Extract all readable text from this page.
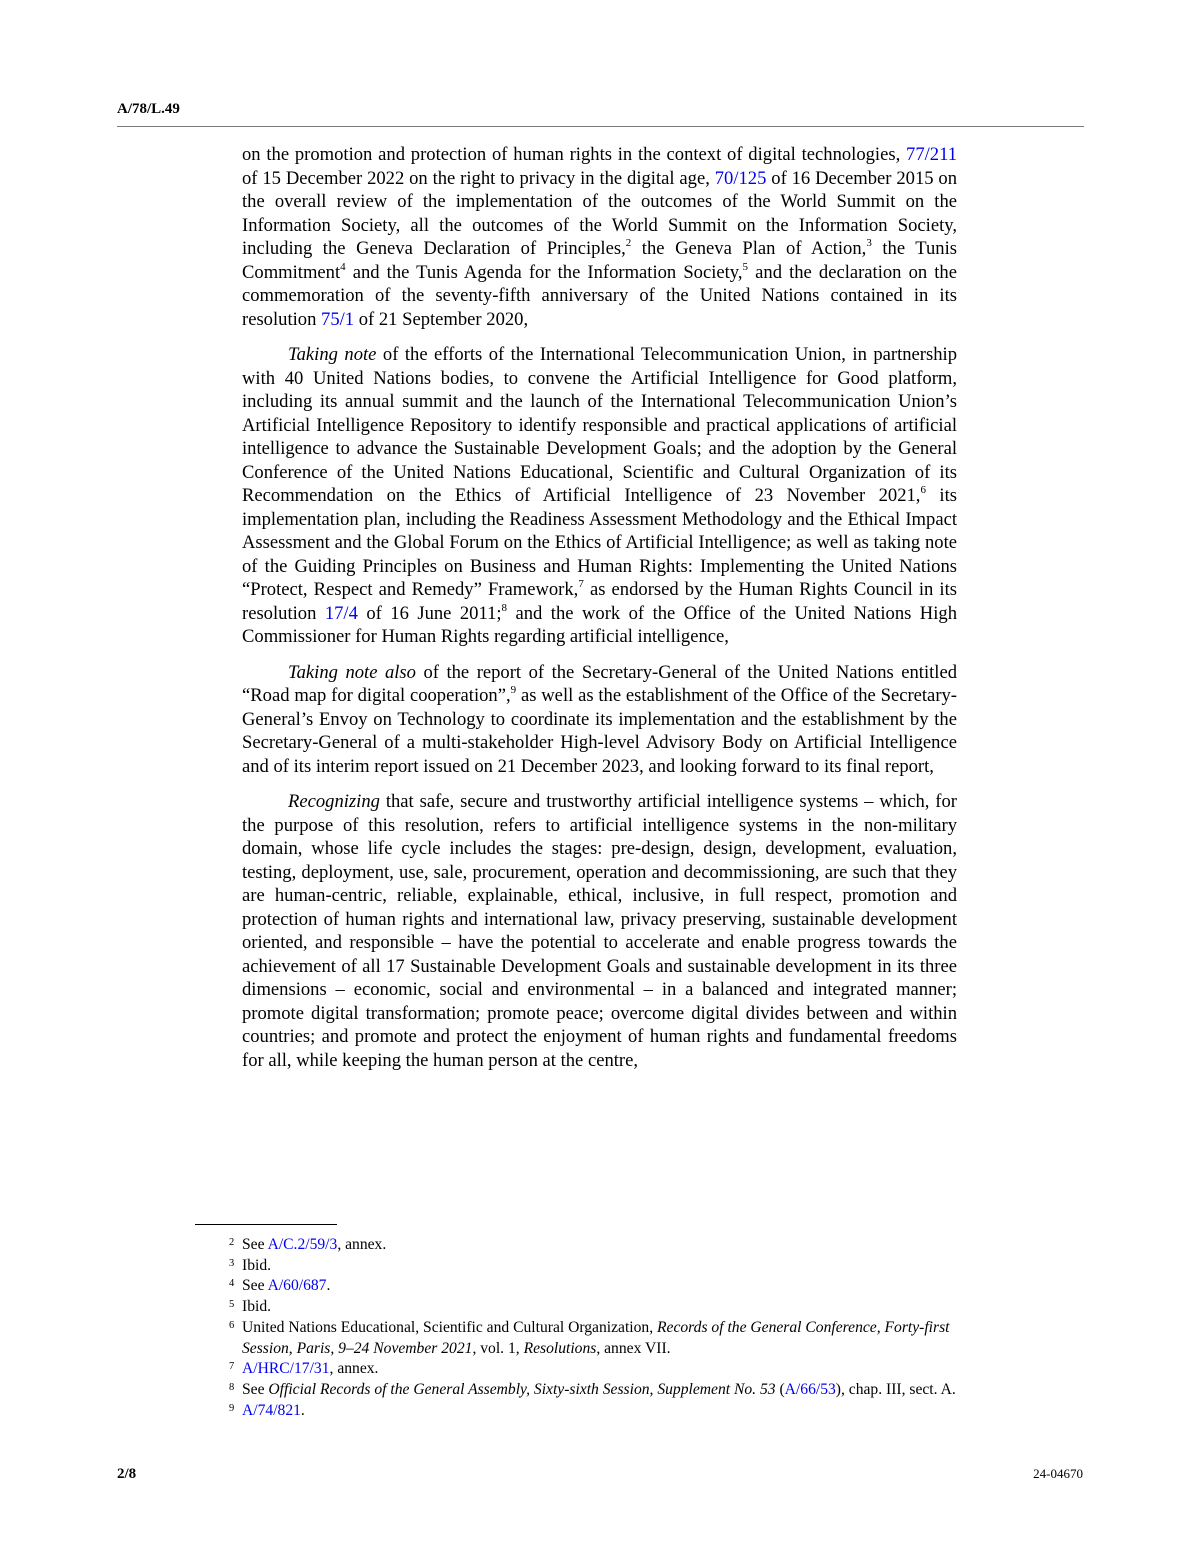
A/78/L.49

on the promotion and protection of human rights in the context of digital technologies, 77/211 of 15 December 2022 on the right to privacy in the digital age, 70/125 of 16 December 2015 on the overall review of the implementation of the outcomes of the World Summit on the Information Society, all the outcomes of the World Summit on the Information Society, including the Geneva Declaration of Principles,$^2$ the Geneva Plan of Action,$^3$ the Tunis Commitment$^4$ and the Tunis Agenda for the Information Society,$^5$ and the declaration on the commemoration of the seventy-fifth anniversary of the United Nations contained in its resolution 75/1 of 21 September 2020,

Taking note of the efforts of the International Telecommunication Union, in partnership with 40 United Nations bodies, to convene the Artificial Intelligence for Good platform, including its annual summit and the launch of the International Telecommunication Union’s Artificial Intelligence Repository to identify responsible and practical applications of artificial intelligence to advance the Sustainable Development Goals; and the adoption by the General Conference of the United Nations Educational, Scientific and Cultural Organization of its Recommendation on the Ethics of Artificial Intelligence of 23 November 2021,$^6$ its implementation plan, including the Readiness Assessment Methodology and the Ethical Impact Assessment and the Global Forum on the Ethics of Artificial Intelligence; as well as taking note of the Guiding Principles on Business and Human Rights: Implementing the United Nations “Protect, Respect and Remedy” Framework,$^7$ as endorsed by the Human Rights Council in its resolution 17/4 of 16 June 2011;$^8$ and the work of the Office of the United Nations High Commissioner for Human Rights regarding artificial intelligence,

Taking note also of the report of the Secretary-General of the United Nations entitled “Road map for digital cooperation”,$^9$ as well as the establishment of the Office of the Secretary-General’s Envoy on Technology to coordinate its implementation and the establishment by the Secretary-General of a multi-stakeholder High-level Advisory Body on Artificial Intelligence and of its interim report issued on 21 December 2023, and looking forward to its final report,

Recognizing that safe, secure and trustworthy artificial intelligence systems – which, for the purpose of this resolution, refers to artificial intelligence systems in the non-military domain, whose life cycle includes the stages: pre-design, design, development, evaluation, testing, deployment, use, sale, procurement, operation and decommissioning, are such that they are human-centric, reliable, explainable, ethical, inclusive, in full respect, promotion and protection of human rights and international law, privacy preserving, sustainable development oriented, and responsible – have the potential to accelerate and enable progress towards the achievement of all 17 Sustainable Development Goals and sustainable development in its three dimensions – economic, social and environmental – in a balanced and integrated manner; promote digital transformation; promote peace; overcome digital divides between and within countries; and promote and protect the enjoyment of human rights and fundamental freedoms for all, while keeping the human person at the centre,

2 See A/C.2/59/3, annex.
3 Ibid.
4 See A/60/687.
5 Ibid.
6 United Nations Educational, Scientific and Cultural Organization, Records of the General Conference, Forty-first Session, Paris, 9–24 November 2021, vol. 1, Resolutions, annex VII.
7 A/HRC/17/31, annex.
8 See Official Records of the General Assembly, Sixty-sixth Session, Supplement No. 53 (A/66/53), chap. III, sect. A.
9 A/74/821.
2/8	24-04670
